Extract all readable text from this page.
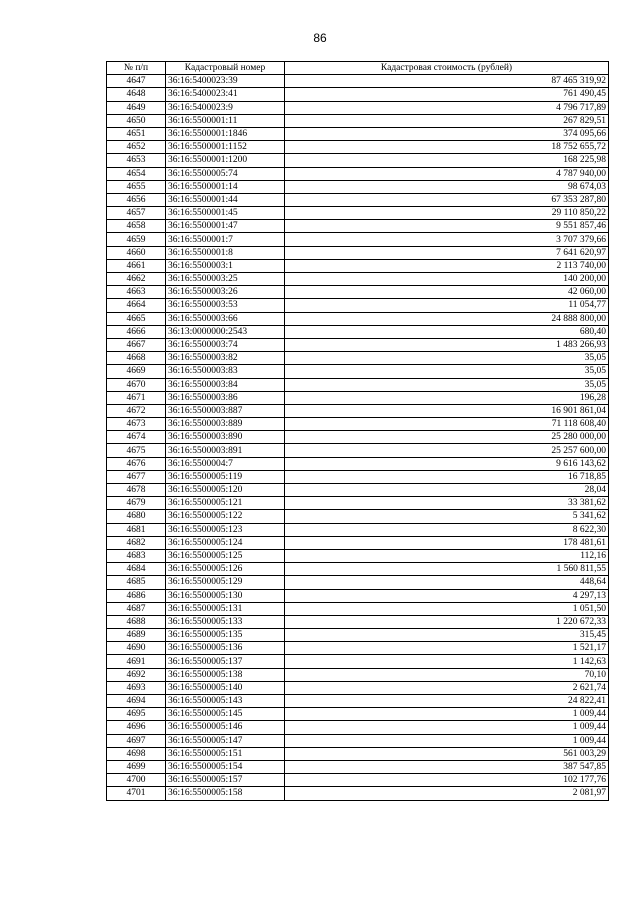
86
№ п/п	Кадастровый номер	Кадастровая стоимость (рублей)
4647	36:16:5400023:39	87 465 319,92
4648	36:16:5400023:41	761 490,45
4649	36:16:5400023:9	4 796 717,89
4650	36:16:5500001:11	267 829,51
4651	36:16:5500001:1846	374 095,66
4652	36:16:5500001:1152	18 752 655,72
4653	36:16:5500001:1200	168 225,98
4654	36:16:5500005:74	4 787 940,00
4655	36:16:5500001:14	98 674,03
4656	36:16:5500001:44	67 353 287,80
4657	36:16:5500001:45	29 110 850,22
4658	36:16:5500001:47	9 551 857,46
4659	36:16:5500001:7	3 707 379,66
4660	36:16:5500001:8	7 641 620,97
4661	36:16:5500003:1	2 113 740,00
4662	36:16:5500003:25	140 200,00
4663	36:16:5500003:26	42 060,00
4664	36:16:5500003:53	11 054,77
4665	36:16:5500003:66	24 888 800,00
4666	36:13:0000000:2543	680,40
4667	36:16:5500003:74	1 483 266,93
4668	36:16:5500003:82	35,05
4669	36:16:5500003:83	35,05
4670	36:16:5500003:84	35,05
4671	36:16:5500003:86	196,28
4672	36:16:5500003:887	16 901 861,04
4673	36:16:5500003:889	71 118 608,40
4674	36:16:5500003:890	25 280 000,00
4675	36:16:5500003:891	25 257 600,00
4676	36:16:5500004:7	9 616 143,62
4677	36:16:5500005:119	16 718,85
4678	36:16:5500005:120	28,04
4679	36:16:5500005:121	33 381,62
4680	36:16:5500005:122	5 341,62
4681	36:16:5500005:123	8 622,30
4682	36:16:5500005:124	178 481,61
4683	36:16:5500005:125	112,16
4684	36:16:5500005:126	1 560 811,55
4685	36:16:5500005:129	448,64
4686	36:16:5500005:130	4 297,13
4687	36:16:5500005:131	1 051,50
4688	36:16:5500005:133	1 220 672,33
4689	36:16:5500005:135	315,45
4690	36:16:5500005:136	1 521,17
4691	36:16:5500005:137	1 142,63
4692	36:16:5500005:138	70,10
4693	36:16:5500005:140	2 621,74
4694	36:16:5500005:143	24 822,41
4695	36:16:5500005:145	1 009,44
4696	36:16:5500005:146	1 009,44
4697	36:16:5500005:147	1 009,44
4698	36:16:5500005:151	561 003,29
4699	36:16:5500005:154	387 547,85
4700	36:16:5500005:157	102 177,76
4701	36:16:5500005:158	2 081,97
